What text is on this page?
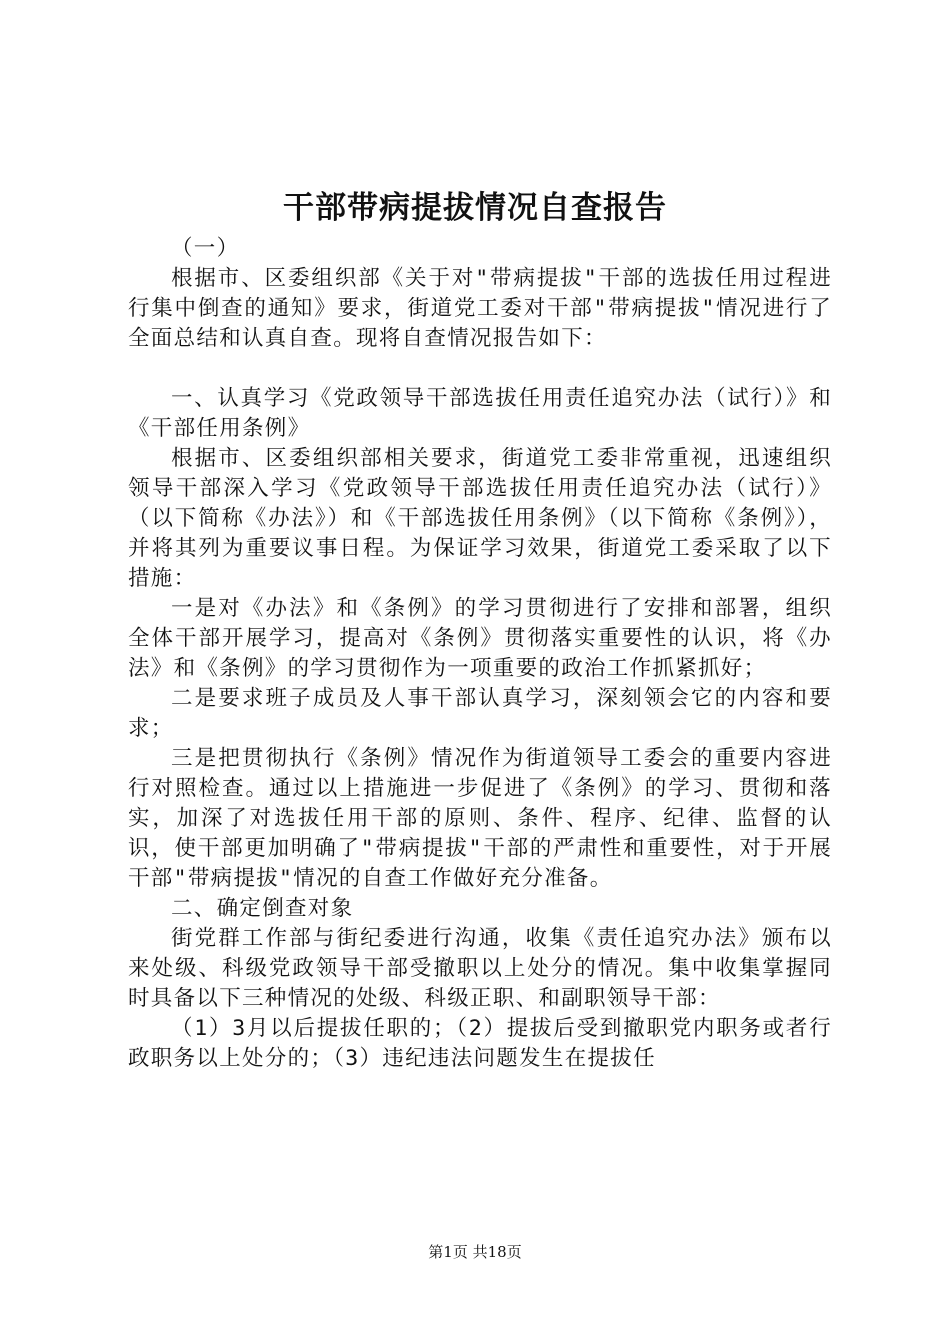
干部带病提拔情况自查报告

（一）

根据市、区委组织部《关于对"带病提拔"干部的选拔任用过程进行集中倒查的通知》要求，街道党工委对干部"带病提拔"情况进行了全面总结和认真自查。现将自查情况报告如下：

一、认真学习《党政领导干部选拔任用责任追究办法（试行）》和《干部任用条例》

根据市、区委组织部相关要求，街道党工委非常重视，迅速组织领导干部深入学习《党政领导干部选拔任用责任追究办法（试行）》（以下简称《办法》）和《干部选拔任用条例》（以下简称《条例》），并将其列为重要议事日程。为保证学习效果，街道党工委采取了以下措施：

一是对《办法》和《条例》的学习贯彻进行了安排和部署，组织全体干部开展学习，提高对《条例》贯彻落实重要性的认识，将《办法》和《条例》的学习贯彻作为一项重要的政治工作抓紧抓好；

二是要求班子成员及人事干部认真学习，深刻领会它的内容和要求；

三是把贯彻执行《条例》情况作为街道领导工委会的重要内容进行对照检查。通过以上措施进一步促进了《条例》的学习、贯彻和落实，加深了对选拔任用干部的原则、条件、程序、纪律、监督的认识，使干部更加明确了"带病提拔"干部的严肃性和重要性，对于开展干部"带病提拔"情况的自查工作做好充分准备。

二、确定倒查对象

街党群工作部与街纪委进行沟通，收集《责任追究办法》颁布以来处级、科级党政领导干部受撤职以上处分的情况。集中收集掌握同时具备以下三种情况的处级、科级正职、和副职领导干部：

（1）3月以后提拔任职的；（2）提拔后受到撤职党内职务或者行政职务以上处分的；（3）违纪违法问题发生在提拔任

第1页 共18页
